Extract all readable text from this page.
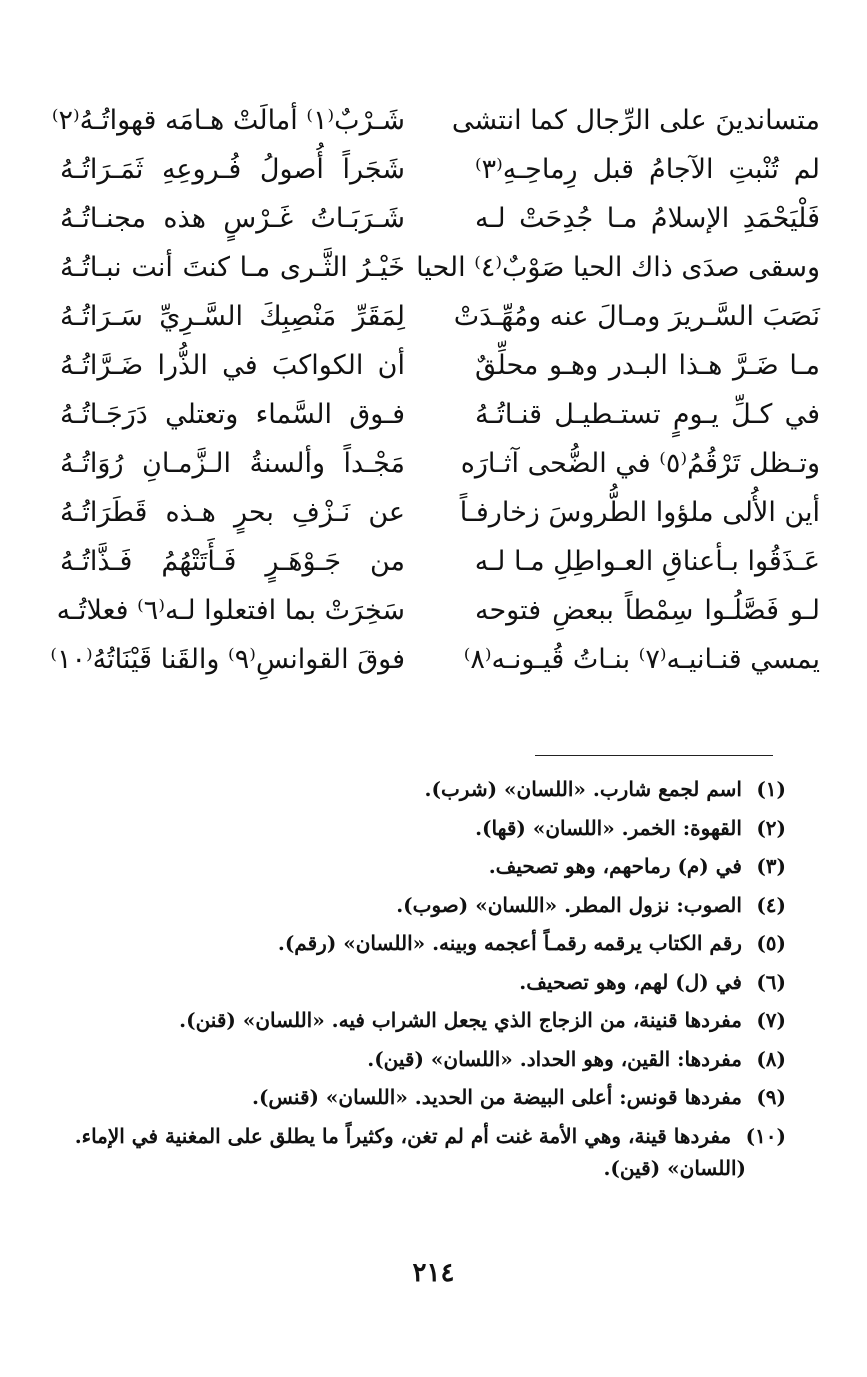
متساندينَ على الرِّجال كما انتشى
شَـرْبٌ⁽١⁾ أمالَتْ هـامَه قهواتُـهُ⁽٢⁾
لم تُنْبتِ الآجامُ قبل رِماحِـهِ⁽٣⁾
شَجَراً أُصولُ فُـروعِهِ ثَمَـرَاتُـهُ
فَلْيَحْمَدِ الإسلامُ مـا جُدِحَتْ لـه
شَـرَبَـاتُ غَـرْسٍ هذه مجنـاتُـهُ
وسقى صدَى ذاك الحيا صَوْبٌ⁽٤⁾ الحيا
خَيْـرُ الثَّـرى مـا كنتَ أنت نبـاتُـهُ
نَصَبَ السَّـريرَ ومـالَ عنه ومُهِّـدَتْ
لِمَقَرِّ مَنْصِبِكَ السَّـرِيِّ سَـرَاتُـهُ
مـا ضَـرَّ هـذا البـدر وهـو محلِّقٌ
أن الكواكبَ في الذُّرا ضَـرَّاتُـهُ
في كـلِّ يـومٍ تستـطيـل قنـاتُـهُ
فـوق السَّماء وتعتلي دَرَجَـاتُـهُ
وتـظل تَرْقُمُ⁽٥⁾ في الضُّحى آثـارَه
مَجْـداً وألسنةُ الـزَّمـانِ رُوَاتُـهُ
أين الأُلى ملؤوا الطُّروسَ زخارفـاً
عن نَـزْفِ بحرٍ هـذه قَطَرَاتُـهُ
عَـذَقُوا بـأعناقِ العـواطِلِ مـا لـه
من جَـوْهَـرٍ فَـأَتَتْهُمُ فَـذَّاتُـهُ
لـو فَصَّلُـوا سِمْطاً ببعضِ فتوحه
سَخِرَتْ بما افتعلوا لـه⁽٦⁾ فعلاتُـه
يمسي قنـانيـه⁽٧⁾ بنـاتُ قُيـونـه⁽٨⁾
فوقَ القوانسِ⁽٩⁾ والقَنا قَيْنَاتُهُ⁽١٠⁾
(١) اسم لجمع شارب. «اللسان» (شرب).
(٢) القهوة: الخمر. «اللسان» (قها).
(٣) في (م) رماحهم، وهو تصحيف.
(٤) الصوب: نزول المطر. «اللسان» (صوب).
(٥) رقم الكتاب يرقمه رقمـاً أعجمه وبينه. «اللسان» (رقم).
(٦) في (ل) لهم، وهو تصحيف.
(٧) مفردها قنينة، من الزجاج الذي يجعل الشراب فيه. «اللسان» (قنن).
(٨) مفردها: القين، وهو الحداد. «اللسان» (قين).
(٩) مفردها قونس: أعلى البيضة من الحديد. «اللسان» (قنس).
(١٠) مفردها قينة، وهي الأمة غنت أم لم تغن، وكثيراً ما يطلق على المغنية في الإماء.
(اللسان» (قين).
٢١٤
